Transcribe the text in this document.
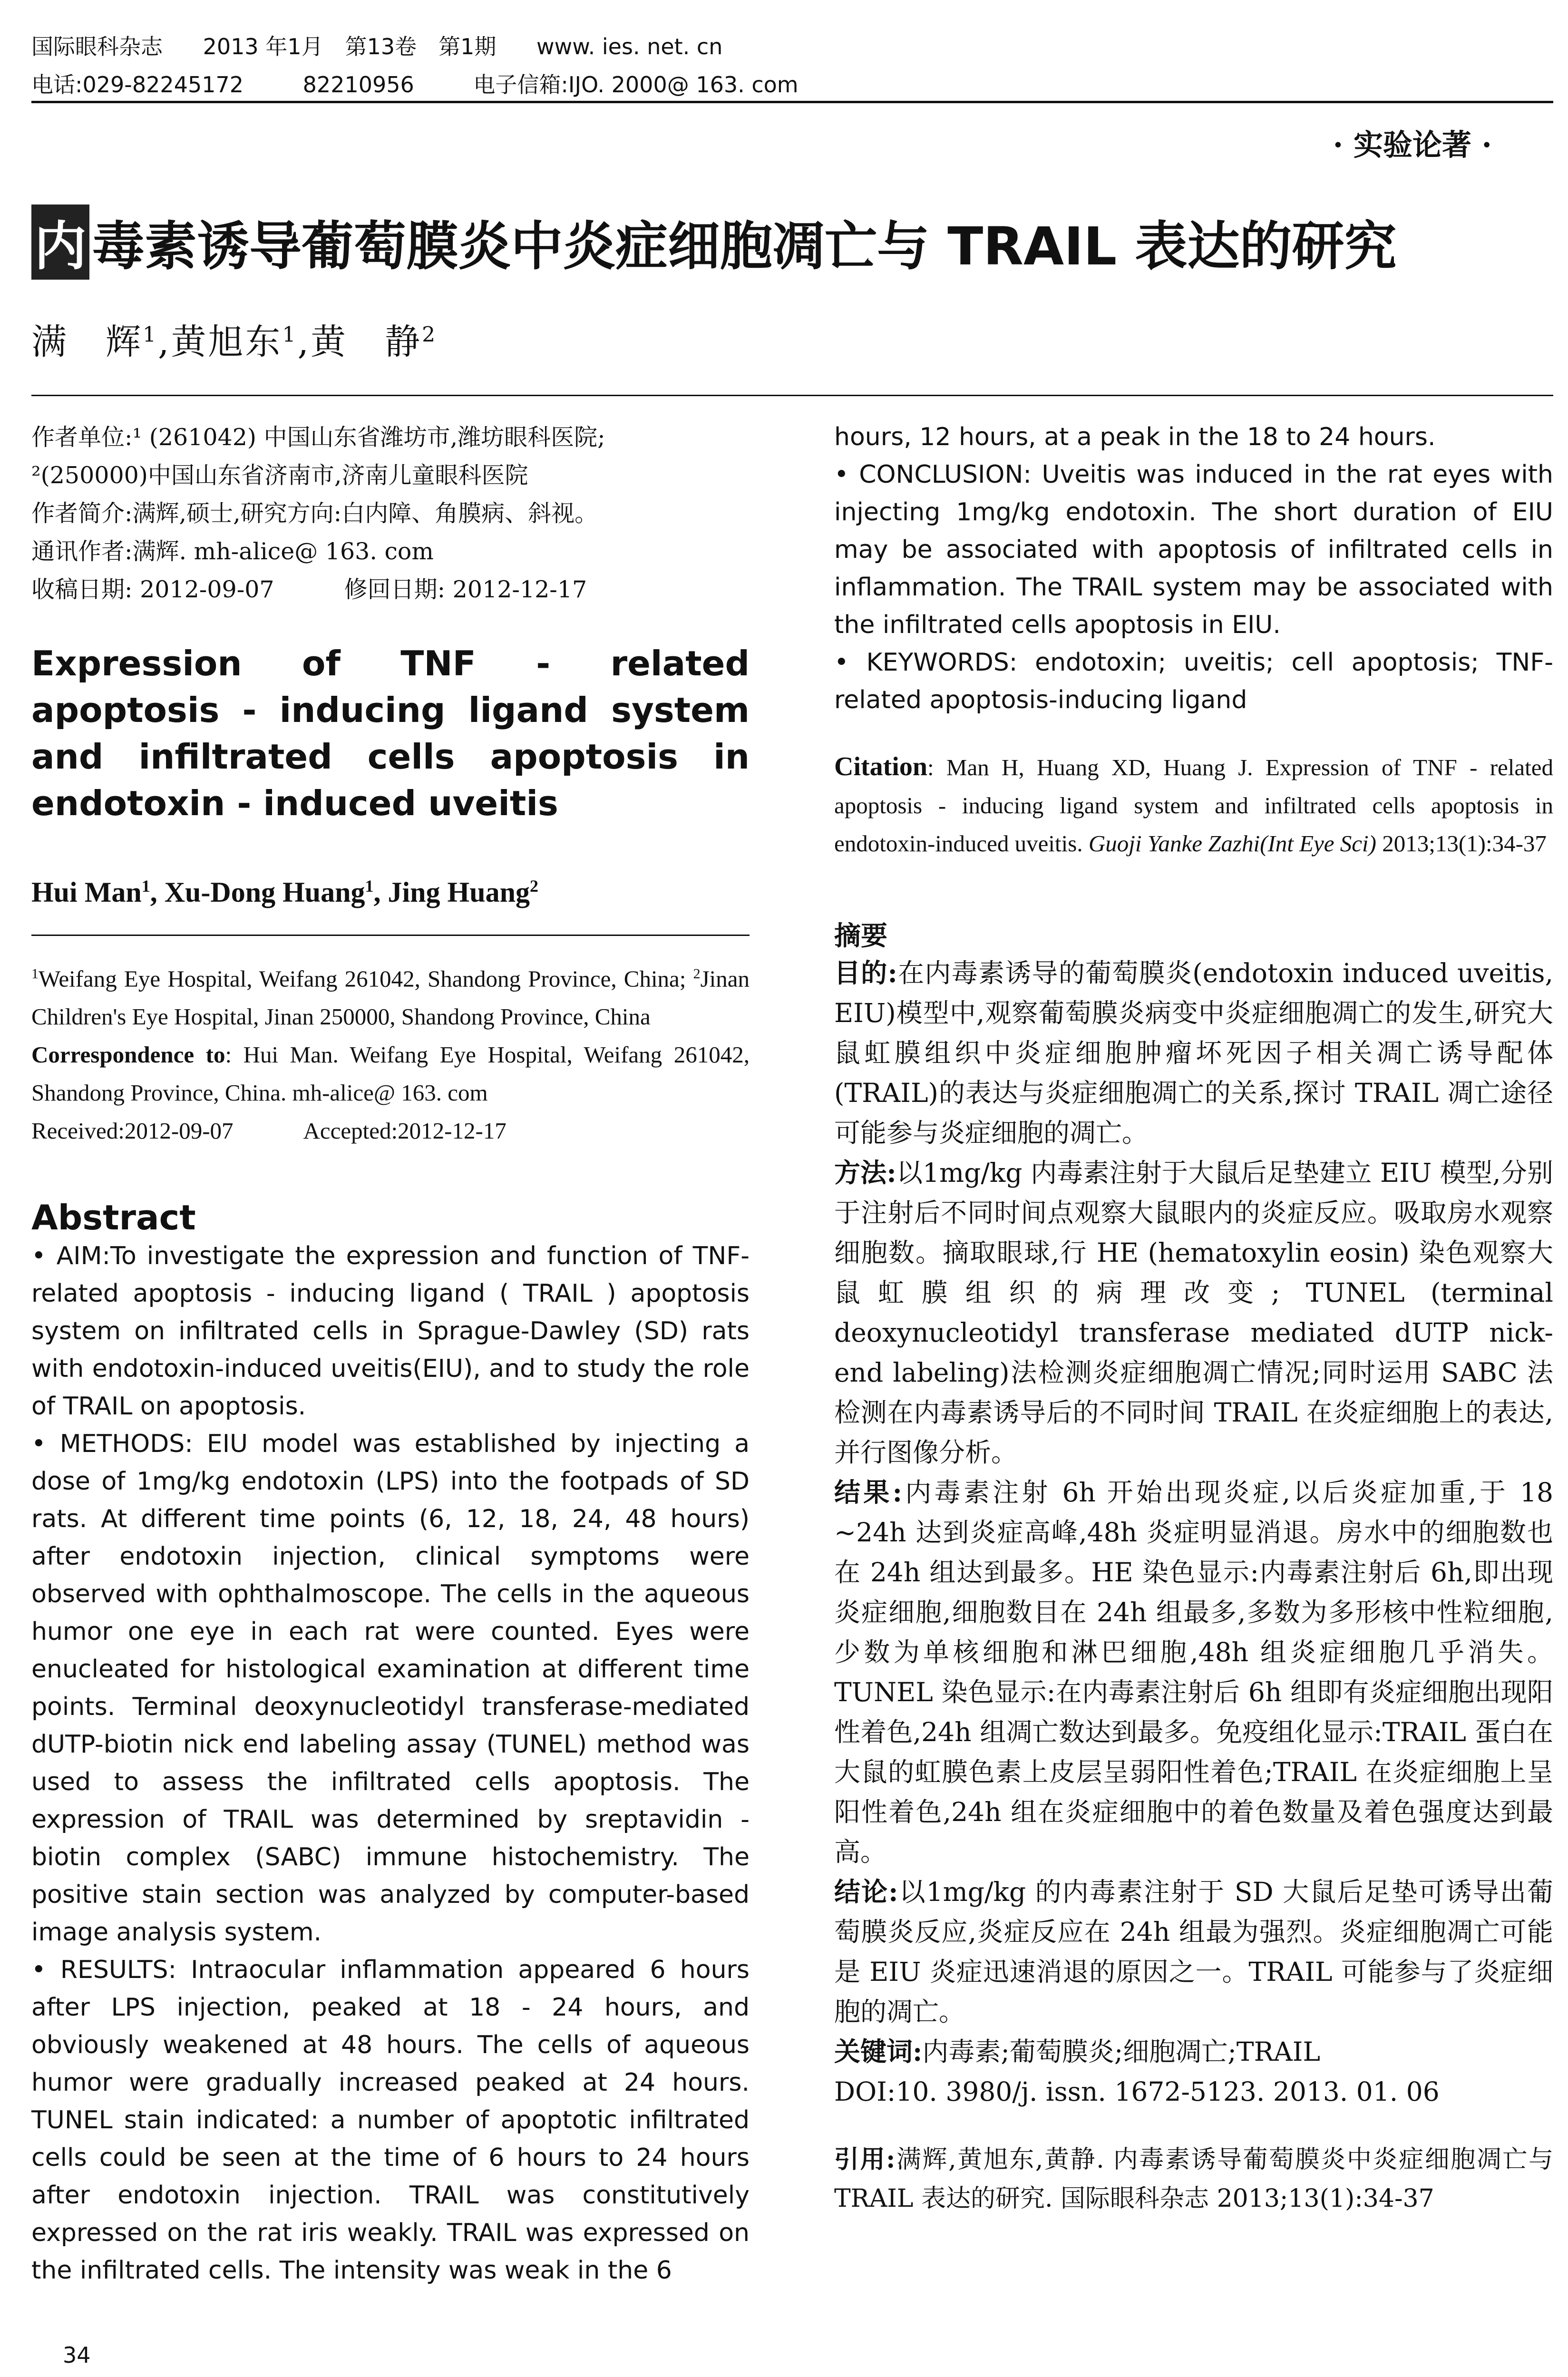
国际眼科杂志 2013 年1月　第13卷　第1期 www. ies. net. cn
电话:029-82245172	82210956	电子信箱:IJO. 2000@ 163. com
· 实验论著 ·
内 毒素诱导葡萄膜炎中炎症细胞凋亡与 TRAIL 表达的研究
满　辉$^1$,黄旭东$^1$,黄　静$^2$

作者单位:¹ (261042) 中国山东省潍坊市,潍坊眼科医院;

²(250000)中国山东省济南市,济南儿童眼科医院

作者简介:满辉,硕士,研究方向:白内障、角膜病、斜视。

通讯作者:满辉. mh-alice@ 163. com

收稿日期: 2012-09-07　　　修回日期: 2012-12-17

Expression of TNF - related apoptosis - inducing ligand system and infiltrated cells apoptosis in endotoxin - induced uveitis
Hui Man$^1$, Xu-Dong Huang$^1$, Jing Huang$^2$
$^1$Weifang Eye Hospital, Weifang 261042, Shandong Province, China; $^2$Jinan Children's Eye Hospital, Jinan 250000, Shandong Province, China
Correspondence to: Hui Man. Weifang Eye Hospital, Weifang 261042, Shandong Province, China. mh-alice@ 163. com
Received:2012-09-07　　　Accepted:2012-12-17
Abstract

• AIM:To investigate the expression and function of TNF-related apoptosis - inducing ligand ( TRAIL ) apoptosis system on infiltrated cells in Sprague-Dawley (SD) rats with endotoxin-induced uveitis(EIU), and to study the role of TRAIL on apoptosis.

• METHODS: EIU model was established by injecting a dose of 1mg/kg endotoxin (LPS) into the footpads of SD rats. At different time points (6, 12, 18, 24, 48 hours) after endotoxin injection, clinical symptoms were observed with ophthalmoscope. The cells in the aqueous humor one eye in each rat were counted. Eyes were enucleated for histological examination at different time points. Terminal deoxynucleotidyl transferase-mediated dUTP-biotin nick end labeling assay (TUNEL) method was used to assess the infiltrated cells apoptosis. The expression of TRAIL was determined by sreptavidin - biotin complex (SABC) immune histochemistry. The positive stain section was analyzed by computer-based image analysis system.

• RESULTS: Intraocular inflammation appeared 6 hours after LPS injection, peaked at 18 - 24 hours, and obviously weakened at 48 hours. The cells of aqueous humor were gradually increased peaked at 24 hours. TUNEL stain indicated: a number of apoptotic infiltrated cells could be seen at the time of 6 hours to 24 hours after endotoxin injection. TRAIL was constitutively expressed on the rat iris weakly. TRAIL was expressed on the infiltrated cells. The intensity was weak in the 6

hours, 12 hours, at a peak in the 18 to 24 hours.

• CONCLUSION: Uveitis was induced in the rat eyes with injecting 1mg/kg endotoxin. The short duration of EIU may be associated with apoptosis of infiltrated cells in inflammation. The TRAIL system may be associated with the infiltrated cells apoptosis in EIU.

• KEYWORDS: endotoxin; uveitis; cell apoptosis; TNF-related apoptosis-inducing ligand

Citation: Man H, Huang XD, Huang J. Expression of TNF - related apoptosis - inducing ligand system and infiltrated cells apoptosis in endotoxin-induced uveitis. Guoji Yanke Zazhi(Int Eye Sci) 2013;13(1):34-37
摘要

目的:在内毒素诱导的葡萄膜炎(endotoxin induced uveitis, EIU)模型中,观察葡萄膜炎病变中炎症细胞凋亡的发生,研究大鼠虹膜组织中炎症细胞肿瘤坏死因子相关凋亡诱导配体(TRAIL)的表达与炎症细胞凋亡的关系,探讨 TRAIL 凋亡途径可能参与炎症细胞的凋亡。

方法:以1mg/kg 内毒素注射于大鼠后足垫建立 EIU 模型,分别于注射后不同时间点观察大鼠眼内的炎症反应。吸取房水观察细胞数。摘取眼球,行 HE (hematoxylin eosin) 染色观察大鼠虹膜组织的病理改变; TUNEL (terminal deoxynucleotidyl transferase mediated dUTP nick-end labeling)法检测炎症细胞凋亡情况;同时运用 SABC 法检测在内毒素诱导后的不同时间 TRAIL 在炎症细胞上的表达,并行图像分析。

结果:内毒素注射 6h 开始出现炎症,以后炎症加重,于 18 ~24h 达到炎症高峰,48h 炎症明显消退。房水中的细胞数也在 24h 组达到最多。HE 染色显示:内毒素注射后 6h,即出现炎症细胞,细胞数目在 24h 组最多,多数为多形核中性粒细胞,少数为单核细胞和淋巴细胞,48h 组炎症细胞几乎消失。TUNEL 染色显示:在内毒素注射后 6h 组即有炎症细胞出现阳性着色,24h 组凋亡数达到最多。免疫组化显示:TRAIL 蛋白在大鼠的虹膜色素上皮层呈弱阳性着色;TRAIL 在炎症细胞上呈阳性着色,24h 组在炎症细胞中的着色数量及着色强度达到最高。

结论:以1mg/kg 的内毒素注射于 SD 大鼠后足垫可诱导出葡萄膜炎反应,炎症反应在 24h 组最为强烈。炎症细胞凋亡可能是 EIU 炎症迅速消退的原因之一。TRAIL 可能参与了炎症细胞的凋亡。

关键词:内毒素;葡萄膜炎;细胞凋亡;TRAIL

DOI:10. 3980/j. issn. 1672-5123. 2013. 01. 06

引用:满辉,黄旭东,黄静. 内毒素诱导葡萄膜炎中炎症细胞凋亡与 TRAIL 表达的研究. 国际眼科杂志 2013;13(1):34-37
34
